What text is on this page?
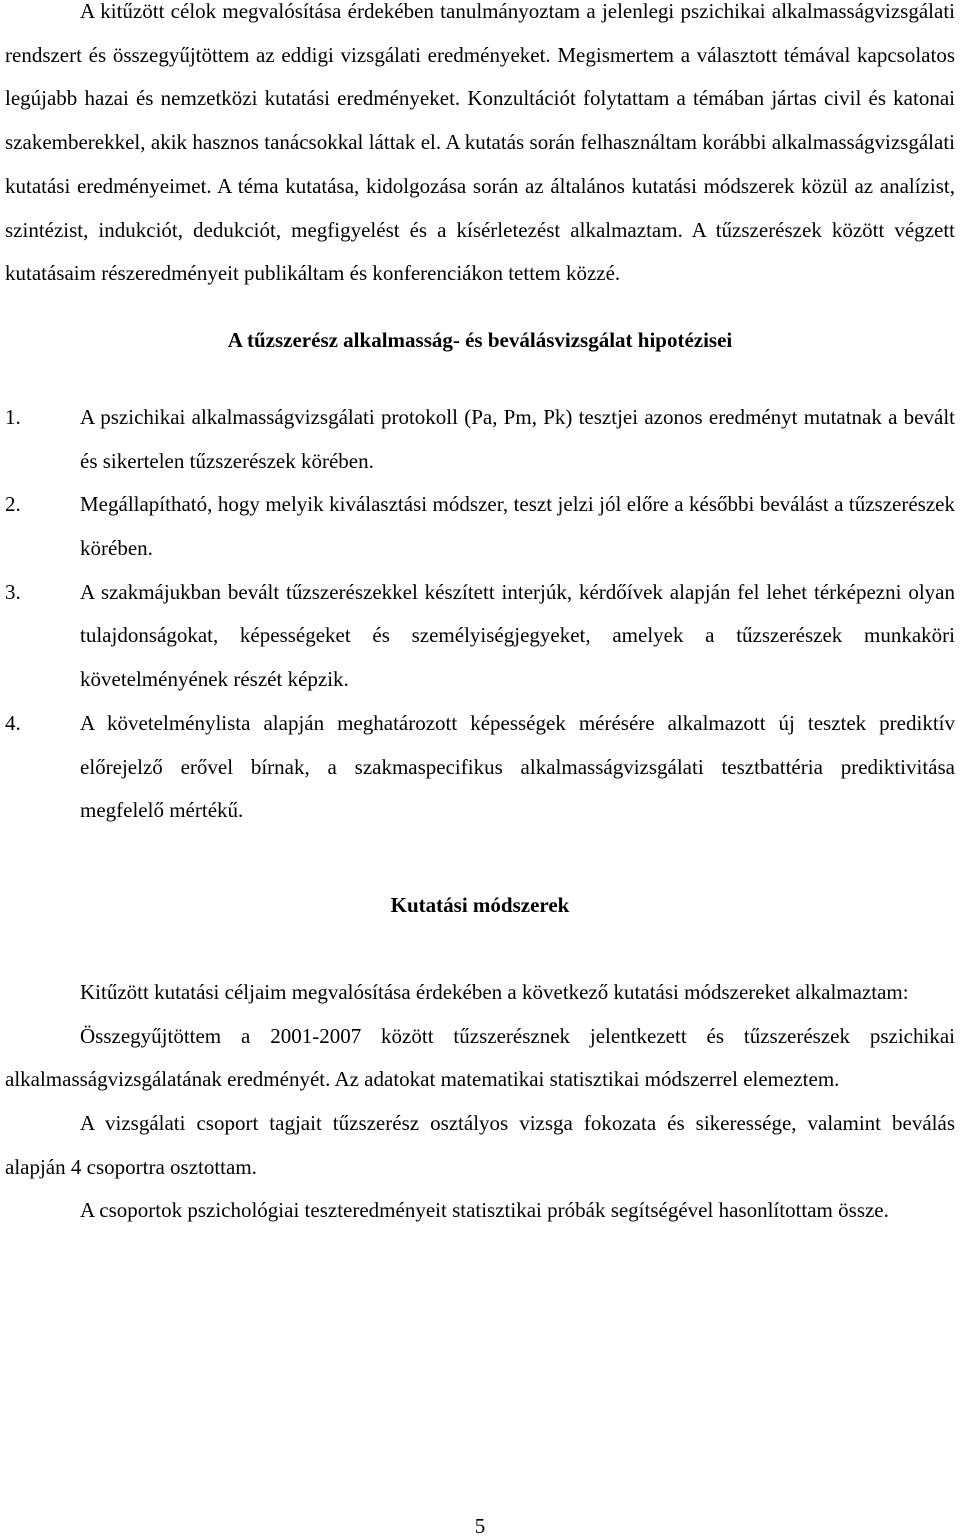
A kitűzött célok megvalósítása érdekében tanulmányoztam a jelenlegi pszichikai alkalmasságvizsgálati rendszert és összegyűjtöttem az eddigi vizsgálati eredményeket. Megismertem a választott témával kapcsolatos legújabb hazai és nemzetközi kutatási eredményeket. Konzultációt folytattam a témában jártas civil és katonai szakemberekkel, akik hasznos tanácsokkal láttak el. A kutatás során felhasználtam korábbi alkalmasságvizsgálati kutatási eredményeimet. A téma kutatása, kidolgozása során az általános kutatási módszerek közül az analízist, szintézist, indukciót, dedukciót, megfigyelést és a kísérletezést alkalmaztam. A tűzszerészek között végzett kutatásaim részeredményeit publikáltam és konferenciákon tettem közzé.

A tűzszerész alkalmasság- és beválásvizsgálat hipotézisei
1.	A pszichikai alkalmasságvizsgálati protokoll (Pa, Pm, Pk) tesztjei azonos eredményt mutatnak a bevált és sikertelen tűzszerészek körében.
2.	Megállapítható, hogy melyik kiválasztási módszer, teszt jelzi jól előre a későbbi beválást a tűzszerészek körében.
3.	A szakmájukban bevált tűzszerészekkel készített interjúk, kérdőívek alapján fel lehet térképezni olyan tulajdonságokat, képességeket és személyiségjegyeket, amelyek a tűzszerészek munkaköri követelményének részét képzik.
4.	A követelménylista alapján meghatározott képességek mérésére alkalmazott új tesztek prediktív előrejelző erővel bírnak, a szakmaspecifikus alkalmasságvizsgálati tesztbattéria prediktivitása megfelelő mértékű.
Kutatási módszerek

Kitűzött kutatási céljaim megvalósítása érdekében a következő kutatási módszereket alkalmaztam:

Összegyűjtöttem a 2001-2007 között tűzszerésznek jelentkezett és tűzszerészek pszichikai alkalmasságvizsgálatának eredményét. Az adatokat matematikai statisztikai módszerrel elemeztem.

A vizsgálati csoport tagjait tűzszerész osztályos vizsga fokozata és sikeressége, valamint beválás alapján 4 csoportra osztottam.

A csoportok pszichológiai teszteredményeit statisztikai próbák segítségével hasonlítottam össze.

5
